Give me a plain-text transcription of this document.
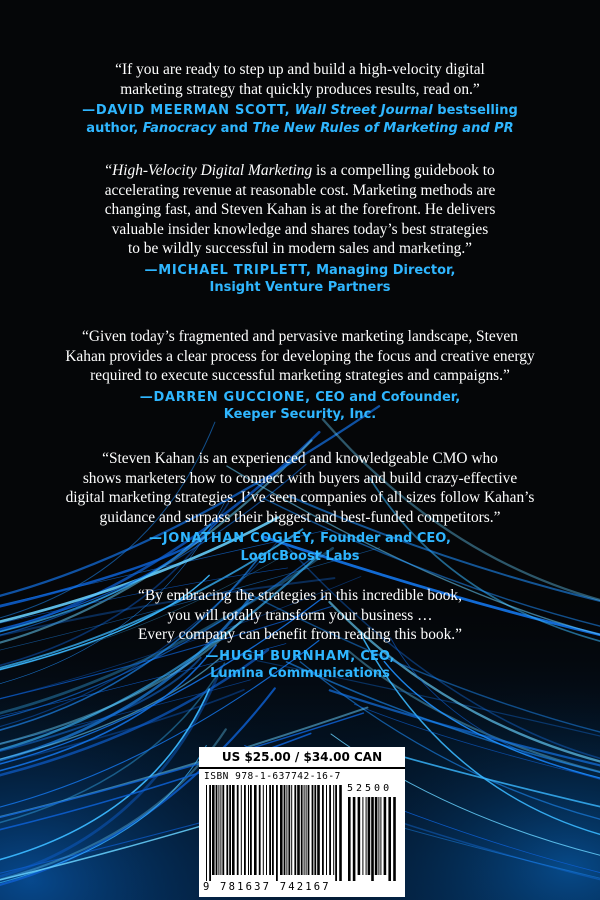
“If you are ready to step up and build a high-velocity digital
marketing strategy that quickly produces results, read on.”

—DAVID MEERMAN SCOTT, Wall Street Journal bestselling
author, Fanocracy and The New Rules of Marketing and PR

“High-Velocity Digital Marketing is a compelling guidebook to
accelerating revenue at reasonable cost. Marketing methods are
changing fast, and Steven Kahan is at the forefront. He delivers
valuable insider knowledge and shares today’s best strategies
to be wildly successful in modern sales and marketing.”

—MICHAEL TRIPLETT, Managing Director,
Insight Venture Partners

“Given today’s fragmented and pervasive marketing landscape, Steven
Kahan provides a clear process for developing the focus and creative energy
required to execute successful marketing strategies and campaigns.”

—DARREN GUCCIONE, CEO and Cofounder,
Keeper Security, Inc.

“Steven Kahan is an experienced and knowledgeable CMO who
shows marketers how to connect with buyers and build crazy-effective
digital marketing strategies. I’ve seen companies of all sizes follow Kahan’s
guidance and surpass their biggest and best-funded competitors.”

—JONATHAN COGLEY, Founder and CEO,
LogicBoost Labs

“By embracing the strategies in this incredible book,
you will totally transform your business …
Every company can benefit from reading this book.”

—HUGH BURNHAM, CEO,
Lumina Communications
US $25.00 / $34.00 CAN
ISBN 978-1-637742-16-7
52500
9 781637 742167
